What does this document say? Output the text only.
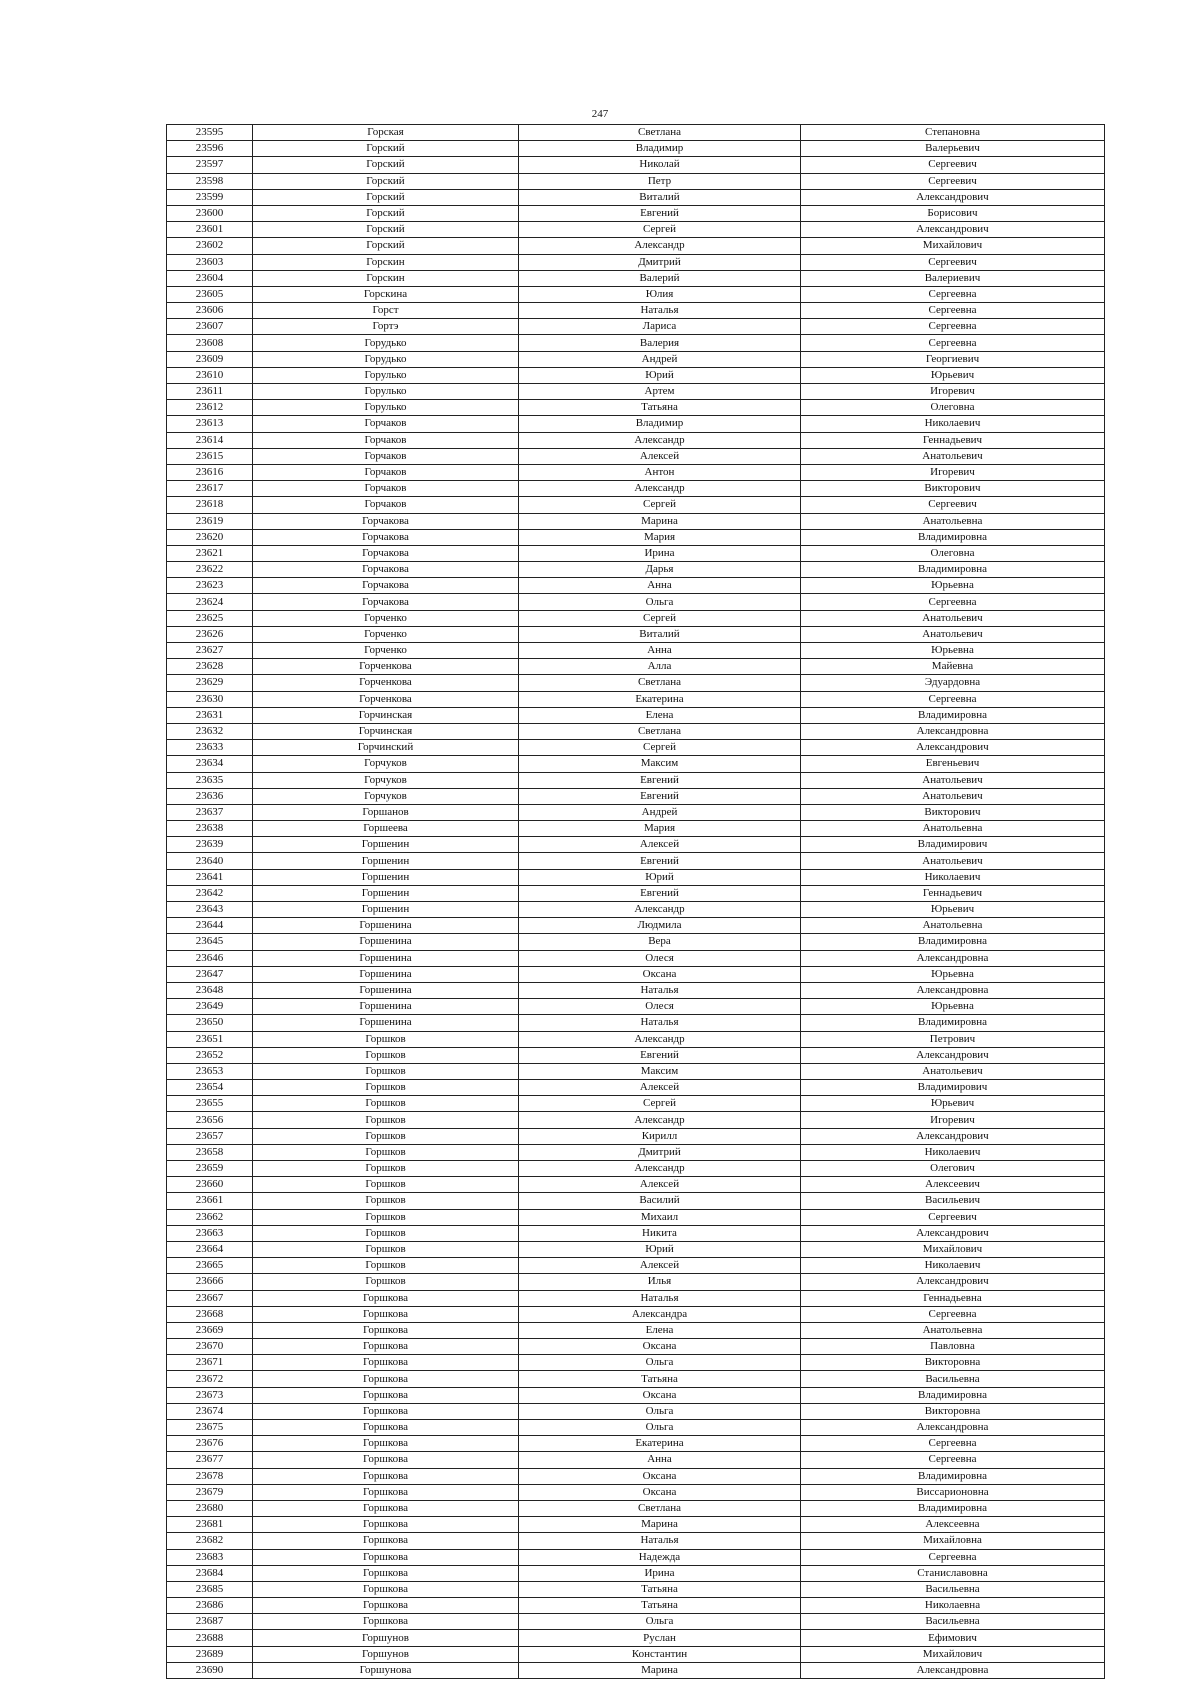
247
23595	Горская	Светлана	Степановна
23596	Горский	Владимир	Валерьевич
23597	Горский	Николай	Сергеевич
23598	Горский	Петр	Сергеевич
23599	Горский	Виталий	Александрович
23600	Горский	Евгений	Борисович
23601	Горский	Сергей	Александрович
23602	Горский	Александр	Михайлович
23603	Горскин	Дмитрий	Сергеевич
23604	Горскин	Валерий	Валериевич
23605	Горскина	Юлия	Сергеевна
23606	Горст	Наталья	Сергеевна
23607	Гортэ	Лариса	Сергеевна
23608	Горудько	Валерия	Сергеевна
23609	Горудько	Андрей	Георгиевич
23610	Горулько	Юрий	Юрьевич
23611	Горулько	Артем	Игоревич
23612	Горулько	Татьяна	Олеговна
23613	Горчаков	Владимир	Николаевич
23614	Горчаков	Александр	Геннадьевич
23615	Горчаков	Алексей	Анатольевич
23616	Горчаков	Антон	Игоревич
23617	Горчаков	Александр	Викторович
23618	Горчаков	Сергей	Сергеевич
23619	Горчакова	Марина	Анатольевна
23620	Горчакова	Мария	Владимировна
23621	Горчакова	Ирина	Олеговна
23622	Горчакова	Дарья	Владимировна
23623	Горчакова	Анна	Юрьевна
23624	Горчакова	Ольга	Сергеевна
23625	Горченко	Сергей	Анатольевич
23626	Горченко	Виталий	Анатольевич
23627	Горченко	Анна	Юрьевна
23628	Горченкова	Алла	Майевна
23629	Горченкова	Светлана	Эдуардовна
23630	Горченкова	Екатерина	Сергеевна
23631	Горчинская	Елена	Владимировна
23632	Горчинская	Светлана	Александровна
23633	Горчинский	Сергей	Александрович
23634	Горчуков	Максим	Евгеньевич
23635	Горчуков	Евгений	Анатольевич
23636	Горчуков	Евгений	Анатольевич
23637	Горшанов	Андрей	Викторович
23638	Горшеева	Мария	Анатольевна
23639	Горшенин	Алексей	Владимирович
23640	Горшенин	Евгений	Анатольевич
23641	Горшенин	Юрий	Николаевич
23642	Горшенин	Евгений	Геннадьевич
23643	Горшенин	Александр	Юрьевич
23644	Горшенина	Людмила	Анатольевна
23645	Горшенина	Вера	Владимировна
23646	Горшенина	Олеся	Александровна
23647	Горшенина	Оксана	Юрьевна
23648	Горшенина	Наталья	Александровна
23649	Горшенина	Олеся	Юрьевна
23650	Горшенина	Наталья	Владимировна
23651	Горшков	Александр	Петрович
23652	Горшков	Евгений	Александрович
23653	Горшков	Максим	Анатольевич
23654	Горшков	Алексей	Владимирович
23655	Горшков	Сергей	Юрьевич
23656	Горшков	Александр	Игоревич
23657	Горшков	Кирилл	Александрович
23658	Горшков	Дмитрий	Николаевич
23659	Горшков	Александр	Олегович
23660	Горшков	Алексей	Алексеевич
23661	Горшков	Василий	Васильевич
23662	Горшков	Михаил	Сергеевич
23663	Горшков	Никита	Александрович
23664	Горшков	Юрий	Михайлович
23665	Горшков	Алексей	Николаевич
23666	Горшков	Илья	Александрович
23667	Горшкова	Наталья	Геннадьевна
23668	Горшкова	Александра	Сергеевна
23669	Горшкова	Елена	Анатольевна
23670	Горшкова	Оксана	Павловна
23671	Горшкова	Ольга	Викторовна
23672	Горшкова	Татьяна	Васильевна
23673	Горшкова	Оксана	Владимировна
23674	Горшкова	Ольга	Викторовна
23675	Горшкова	Ольга	Александровна
23676	Горшкова	Екатерина	Сергеевна
23677	Горшкова	Анна	Сергеевна
23678	Горшкова	Оксана	Владимировна
23679	Горшкова	Оксана	Виссарионовна
23680	Горшкова	Светлана	Владимировна
23681	Горшкова	Марина	Алексеевна
23682	Горшкова	Наталья	Михайловна
23683	Горшкова	Надежда	Сергеевна
23684	Горшкова	Ирина	Станиславовна
23685	Горшкова	Татьяна	Васильевна
23686	Горшкова	Татьяна	Николаевна
23687	Горшкова	Ольга	Васильевна
23688	Горшунов	Руслан	Ефимович
23689	Горшунов	Константин	Михайлович
23690	Горшунова	Марина	Александровна
